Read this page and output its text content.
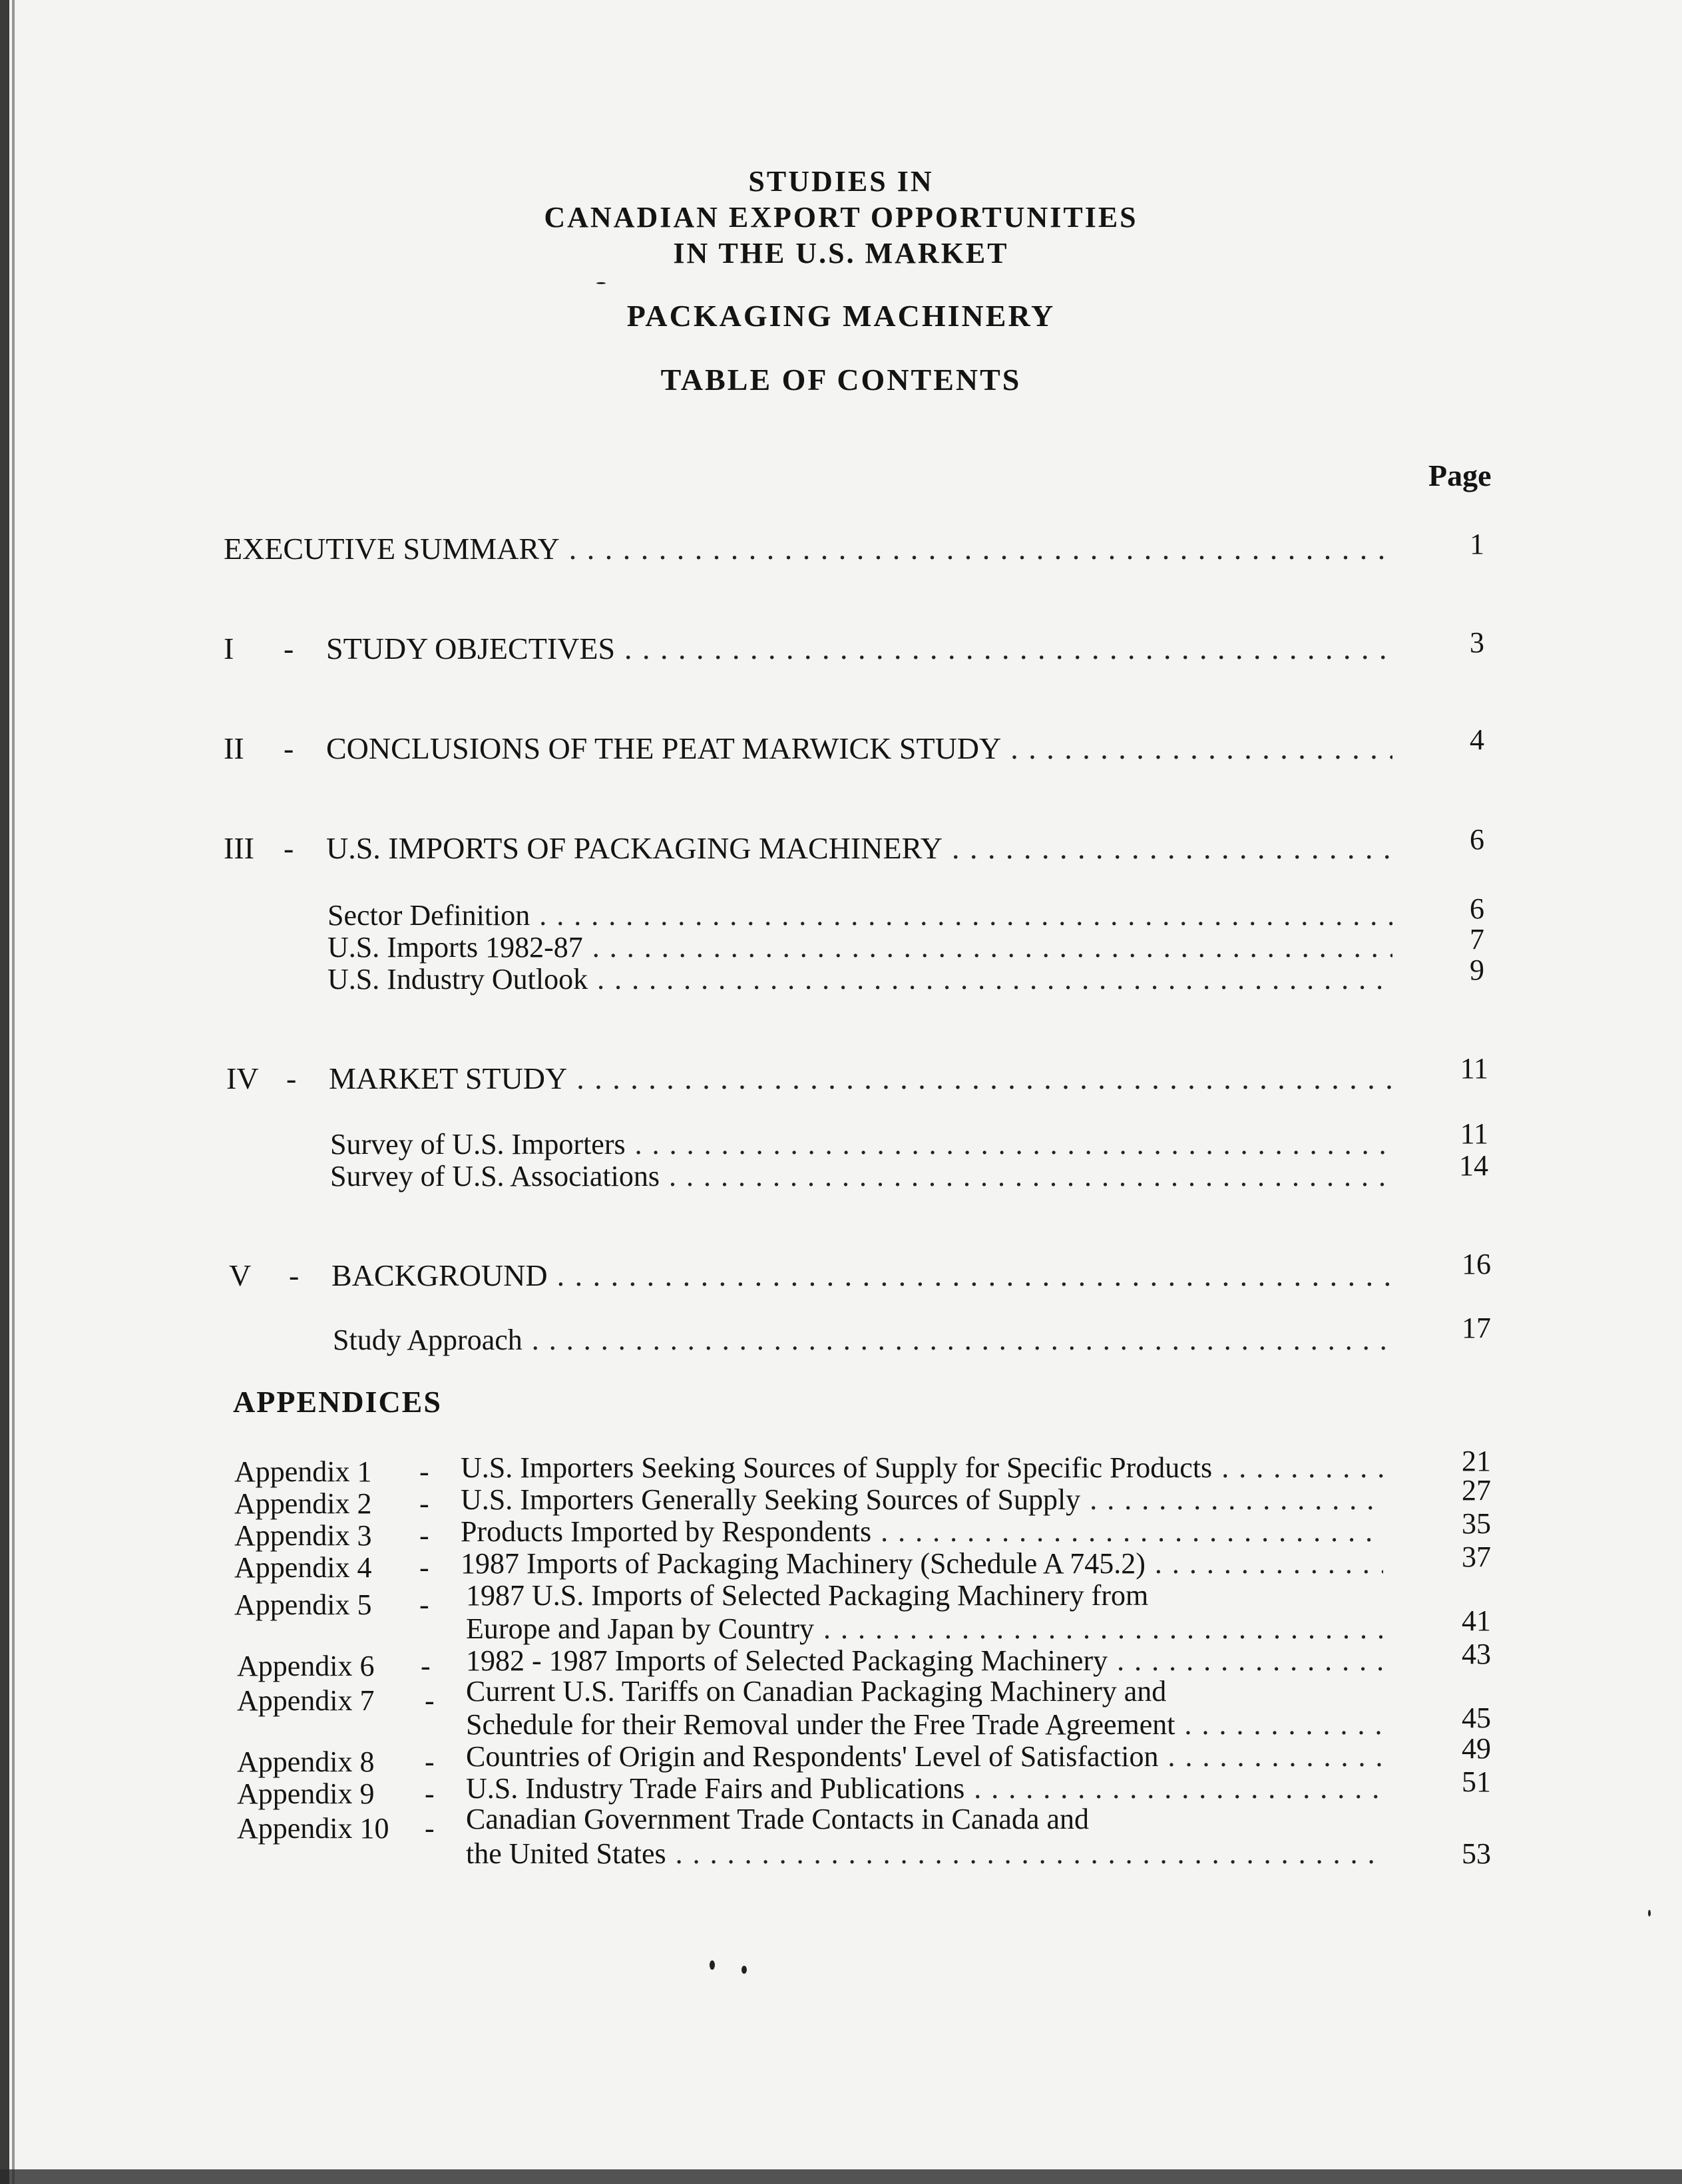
STUDIES IN
CANADIAN EXPORT OPPORTUNITIES
IN THE U.S. MARKET
PACKAGING MACHINERY
TABLE OF CONTENTS
Page
EXECUTIVE SUMMARY . . .	1
I	-	STUDY OBJECTIVES . . .	3
II	-	CONCLUSIONS OF THE PEAT MARWICK STUDY . . .	4
III -	U.S. IMPORTS OF PACKAGING MACHINERY . . .	6
Sector Definition . . .	6
U.S. Imports 1982-87 . . .	7
U.S. Industry Outlook . . .	9
IV -	MARKET STUDY . . .	11
Survey of U.S. Importers . . .	11
Survey of U.S. Associations . . .	14
V	-	BACKGROUND . . .	16
Study Approach . . .	17
APPENDICES
Appendix 1 - U.S. Importers Seeking Sources of Supply for Specific Products . . .	21
Appendix 2 - U.S. Importers Generally Seeking Sources of Supply . . .	27
Appendix 3 - Products Imported by Respondents . . .	35
Appendix 4 - 1987 Imports of Packaging Machinery (Schedule A 745.2) . . .	37
Appendix 5 - 1987 U.S. Imports of Selected Packaging Machinery from
Europe and Japan by Country . . .	41
Appendix 6 - 1982 - 1987 Imports of Selected Packaging Machinery . . .	43
Appendix 7 - Current U.S. Tariffs on Canadian Packaging Machinery and
Schedule for their Removal under the Free Trade Agreement . . .	45
Appendix 8 - Countries of Origin and Respondents' Level of Satisfaction . . .	49
Appendix 9 - U.S. Industry Trade Fairs and Publications . . .	51
Appendix 10 - Canadian Government Trade Contacts in Canada and
the United States . . .	53
